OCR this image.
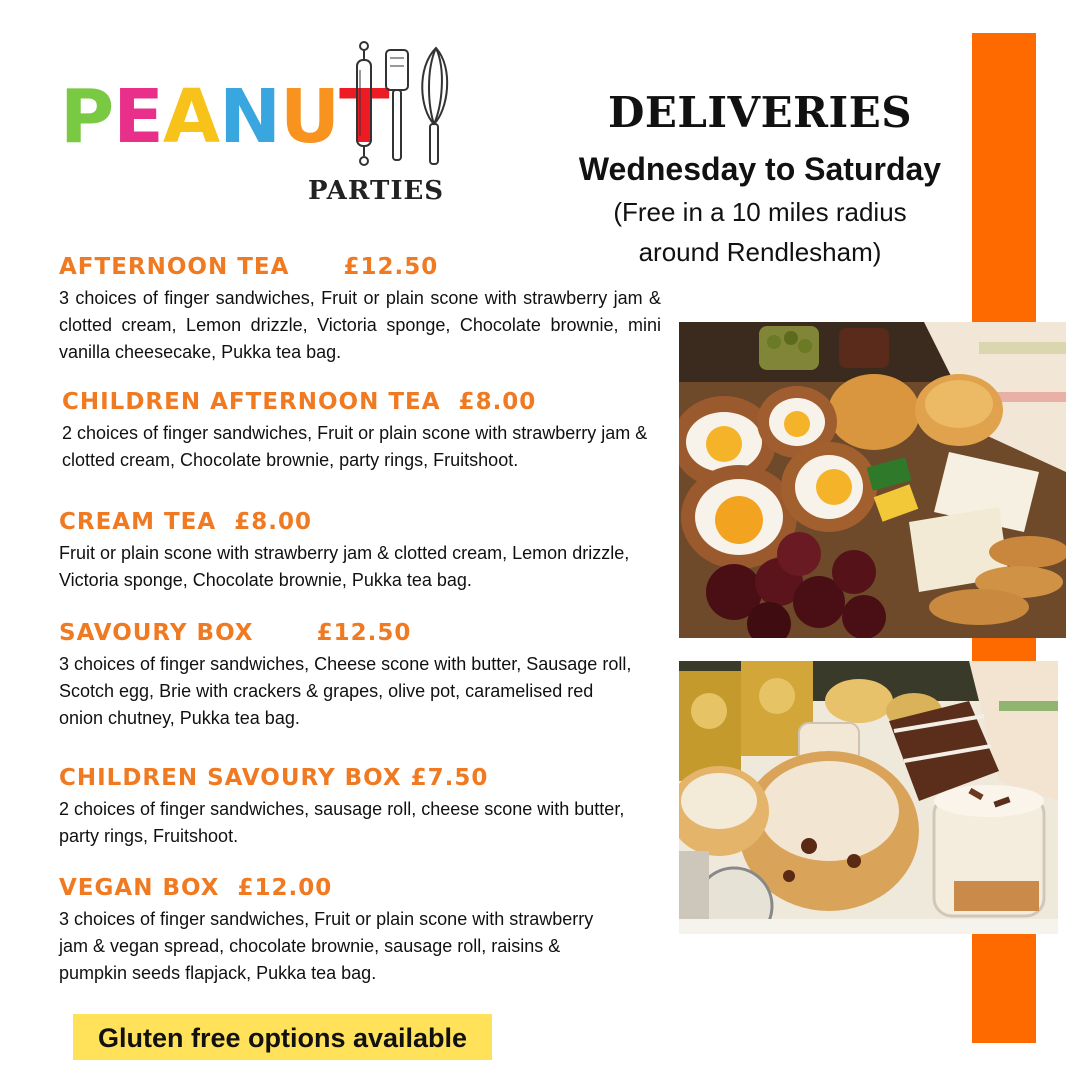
P E A N U T
PARTIES
DELIVERIES
Wednesday to Saturday
(Free in a 10 miles radius
around Rendlesham)
AFTERNOON TEA      £12.50
3 choices of finger sandwiches, Fruit or plain scone with strawberry jam & clotted cream, Lemon drizzle, Victoria sponge, Chocolate brownie, mini vanilla cheesecake, Pukka tea bag.
CHILDREN AFTERNOON TEA  £8.00
2 choices of finger sandwiches, Fruit or plain scone with strawberry jam & clotted cream, Chocolate brownie, party rings, Fruitshoot.
CREAM TEA  £8.00
Fruit or plain scone with strawberry jam & clotted cream, Lemon drizzle, Victoria sponge, Chocolate brownie, Pukka tea bag.
SAVOURY BOX       £12.50
3 choices of finger sandwiches, Cheese scone with butter, Sausage roll, Scotch egg, Brie with crackers & grapes, olive pot, caramelised red onion chutney, Pukka tea bag.
CHILDREN SAVOURY BOX £7.50
2 choices of finger sandwiches, sausage roll, cheese scone with butter, party rings, Fruitshoot.
VEGAN BOX  £12.00
3 choices of finger sandwiches, Fruit or plain scone with strawberry jam & vegan spread, chocolate brownie, sausage roll, raisins & pumpkin seeds flapjack, Pukka tea bag.
Gluten free options available
